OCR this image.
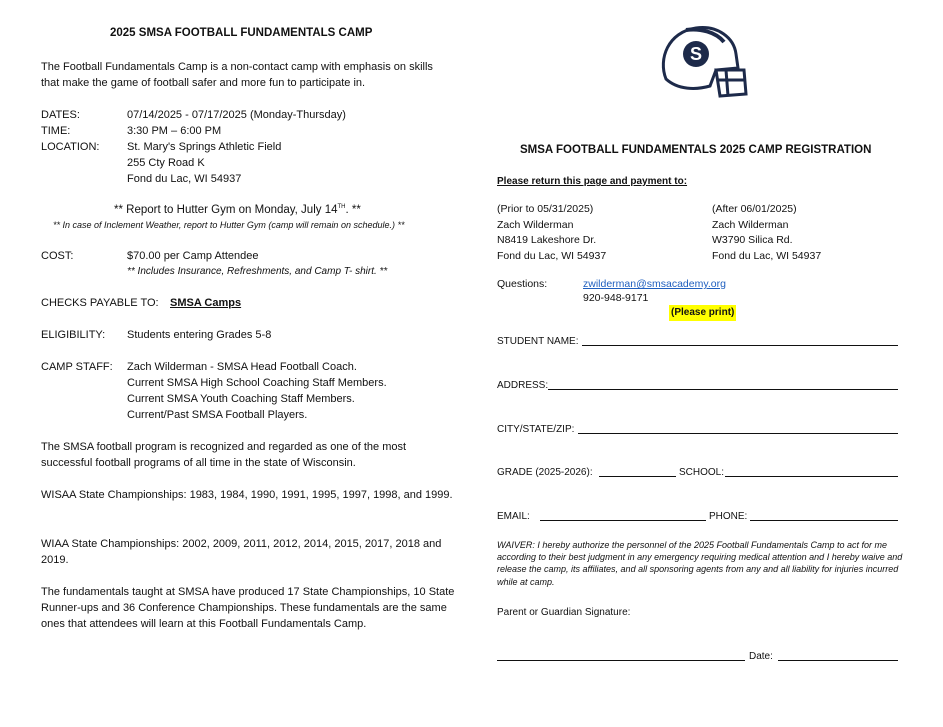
2025 SMSA FOOTBALL FUNDAMENTALS CAMP
The Football Fundamentals Camp is a non-contact camp with emphasis on skills that make the game of football safer and more fun to participate in.
DATES:	07/14/2025 - 07/17/2025 (Monday-Thursday)
TIME:	3:30 PM – 6:00 PM
LOCATION:	St. Mary's Springs Athletic Field
255 Cty Road K
Fond du Lac, WI 54937
** Report to Hutter Gym on Monday, July 14TH. **
** In case of Inclement Weather, report to Hutter Gym (camp will remain on schedule.) **
COST:	$70.00 per Camp Attendee
** Includes Insurance, Refreshments, and Camp T- shirt. **
CHECKS PAYABLE TO: SMSA Camps
ELIGIBILITY: Students entering Grades 5-8
CAMP STAFF: Zach Wilderman - SMSA Head Football Coach.
Current SMSA High School Coaching Staff Members.
Current SMSA Youth Coaching Staff Members.
Current/Past SMSA Football Players.
The SMSA football program is recognized and regarded as one of the most successful football programs of all time in the state of Wisconsin.
WISAA State Championships: 1983, 1984, 1990, 1991, 1995, 1997, 1998, and 1999.
WIAA State Championships: 2002, 2009, 2011, 2012, 2014, 2015, 2017, 2018 and 2019.
The fundamentals taught at SMSA have produced 17 State Championships, 10 State Runner-ups and 36 Conference Championships. These fundamentals are the same ones that attendees will learn at this Football Fundamentals Camp.
S
SMSA FOOTBALL FUNDAMENTALS 2025 CAMP REGISTRATION
Please return this page and payment to:
(Prior to 05/31/2025)
Zach Wilderman
N8419 Lakeshore Dr.
Fond du Lac, WI 54937
(After 06/01/2025)
Zach Wilderman
W3790 Silica Rd.
Fond du Lac, WI 54937
Questions:	zwilderman@smsacademy.org
920-948-9171
(Please print)
STUDENT NAME:
ADDRESS:
CITY/STATE/ZIP:
GRADE (2025-2026):	SCHOOL:
EMAIL:	PHONE:
WAIVER: I hereby authorize the personnel of the 2025 Football Fundamentals Camp to act for me according to their best judgment in any emergency requiring medical attention and I hereby waive and release the camp, its affiliates, and all sponsoring agents from any and all liability for injuries incurred while at camp.
Parent or Guardian Signature:
Date:
